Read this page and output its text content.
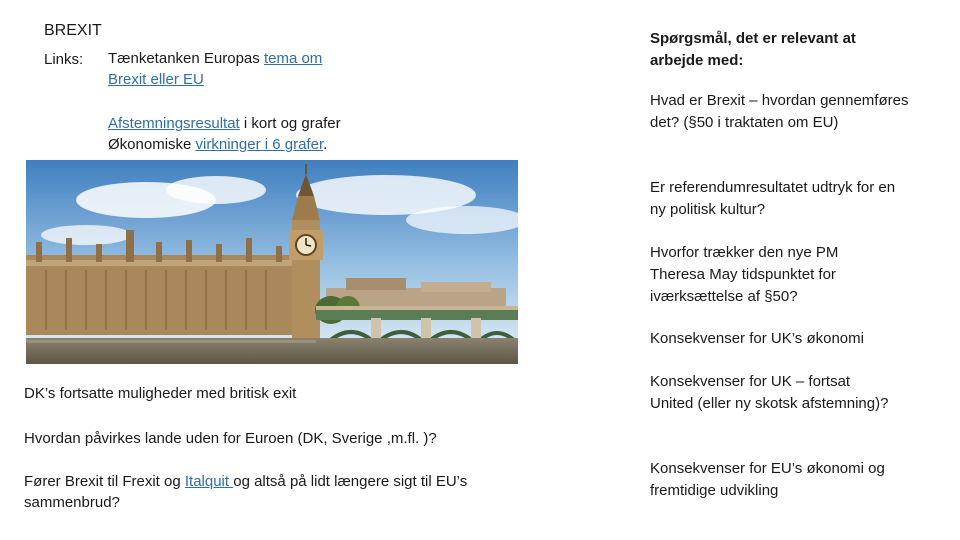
BREXIT
Links: Tænketanken Europas tema om
Brexit eller EU
Afstemningsresultat i kort og grafer
Økonomiske virkninger i 6 grafer.
DK’s fortsatte muligheder med britisk exit
Hvordan påvirkes lande uden for Euroen (DK, Sverige ,m.fl. )?
Fører Brexit til Frexit og Italquit og altså på lidt længere sigt til EU’s sammenbrud?
Spørgsmål, det er relevant at arbejde med:
Hvad er Brexit – hvordan gennemføres det? (§50 i traktaten om EU)
Er referendumresultatet udtryk for en ny politisk kultur?
Hvorfor trækker den nye PM Theresa May tidspunktet for iværksættelse af §50?
Konsekvenser for UK’s økonomi
Konsekvenser for UK – fortsat United (eller ny skotsk afstemning)?
Konsekvenser for EU’s økonomi og fremtidige udvikling
